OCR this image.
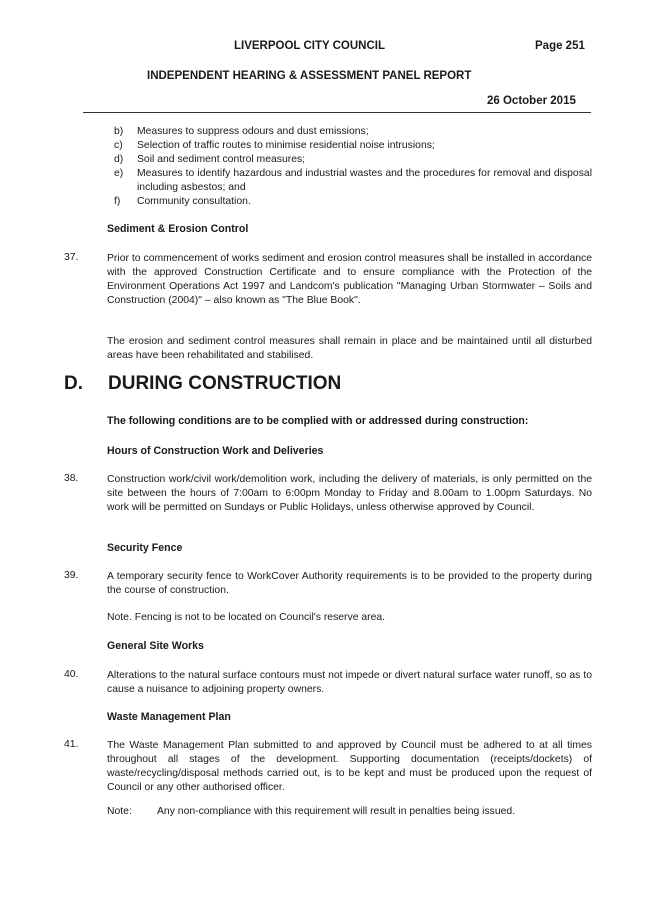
LIVERPOOL CITY COUNCIL	Page 251
INDEPENDENT HEARING & ASSESSMENT PANEL REPORT
26 October 2015
b) Measures to suppress odours and dust emissions;
c) Selection of traffic routes to minimise residential noise intrusions;
d) Soil and sediment control measures;
e) Measures to identify hazardous and industrial wastes and the procedures for removal and disposal including asbestos; and
f) Community consultation.
Sediment & Erosion Control
37.	Prior to commencement of works sediment and erosion control measures shall be installed in accordance with the approved Construction Certificate and to ensure compliance with the Protection of the Environment Operations Act 1997 and Landcom's publication "Managing Urban Stormwater – Soils and Construction (2004)" – also known as "The Blue Book".
The erosion and sediment control measures shall remain in place and be maintained until all disturbed areas have been rehabilitated and stabilised.
D. DURING CONSTRUCTION
The following conditions are to be complied with or addressed during construction:
Hours of Construction Work and Deliveries
38.	Construction work/civil work/demolition work, including the delivery of materials, is only permitted on the site between the hours of 7:00am to 6:00pm Monday to Friday and 8.00am to 1.00pm Saturdays. No work will be permitted on Sundays or Public Holidays, unless otherwise approved by Council.
Security Fence
39.	A temporary security fence to WorkCover Authority requirements is to be provided to the property during the course of construction.
Note. Fencing is not to be located on Council's reserve area.
General Site Works
40.	Alterations to the natural surface contours must not impede or divert natural surface water runoff, so as to cause a nuisance to adjoining property owners.
Waste Management Plan
41.	The Waste Management Plan submitted to and approved by Council must be adhered to at all times throughout all stages of the development. Supporting documentation (receipts/dockets) of waste/recycling/disposal methods carried out, is to be kept and must be produced upon the request of Council or any other authorised officer.
Note: Any non-compliance with this requirement will result in penalties being issued.
